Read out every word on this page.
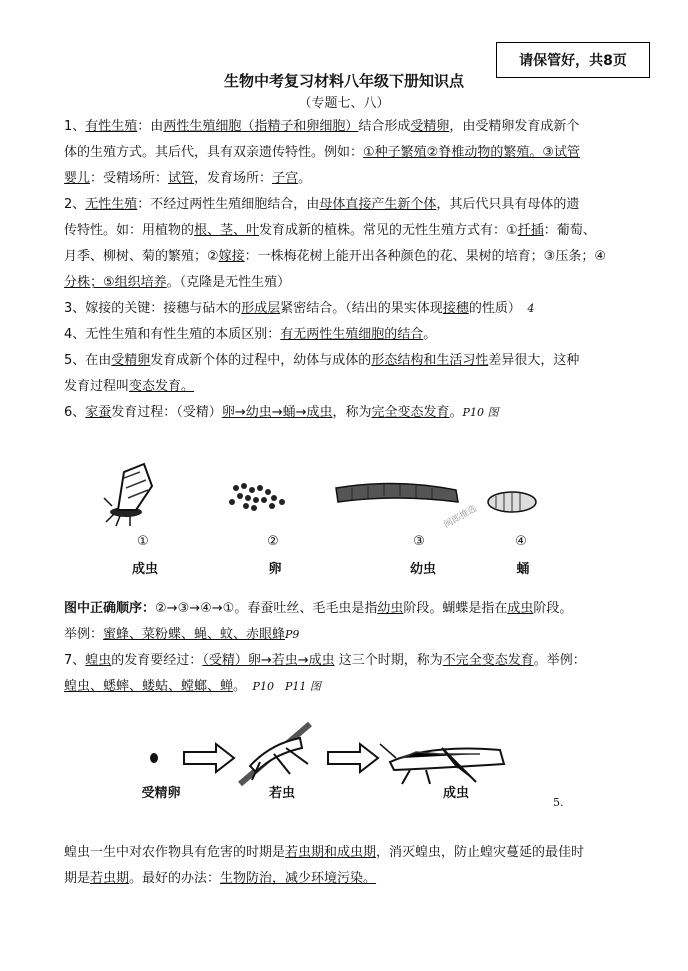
请保管好，共8页
生物中考复习材料八年级下册知识点
（专题七、八）
1、有性生殖：由两性生殖细胞（指精子和卵细胞）结合形成受精卵，由受精卵发育成新个
体的生殖方式。其后代，具有双亲遗传特性。例如：①种子繁殖②脊椎动物的繁殖。③试管
婴儿：受精场所：试管，发育场所：子宫。
2、无性生殖：不经过两性生殖细胞结合，由母体直接产生新个体，其后代只具有母体的遗
传特性。如：用植物的根、茎、叶发育成新的植株。常见的无性生殖方式有：①扦插：葡萄、
月季、柳树、菊的繁殖；②嫁接：一株梅花树上能开出各种颜色的花、果树的培育；③压条；④
分株；⑤组织培养。（克隆是无性生殖）
3、嫁接的关键：接穗与砧木的形成层紧密结合。（结出的果实体现接穗的性质）　 4
4、无性生殖和有性生殖的本质区别：有无两性生殖细胞的结合。
5、在由受精卵发育成新个体的过程中，幼体与成体的形态结构和生活习性差异很大，这种
发育过程叫变态发育。
6、家蚕发育过程：（受精）卵→幼虫→蛹→成虫，称为完全变态发育。P10 图
闽郎推选
①	②	③	④
成虫	卵	幼虫	蛹
图中正确顺序：②→③→④→①。春蚕吐丝、毛毛虫是指幼虫阶段。蝴蝶是指在成虫阶段。
举例：蜜蜂、菜粉蝶、蝇、蚊、赤眼蜂P9
7、蝗虫的发育要经过：（受精）卵→若虫→成虫 这三个时期，称为不完全变态发育。举例：
蝗虫、蟋蟀、蝼蛄、螳螂、蝉。　 P10　P11 图
受精卵	若虫	成虫
5.
蝗虫一生中对农作物具有危害的时期是若虫期和成虫期，消灭蝗虫，防止蝗灾蔓延的最佳时
期是若虫期。最好的办法：生物防治，减少环境污染。
